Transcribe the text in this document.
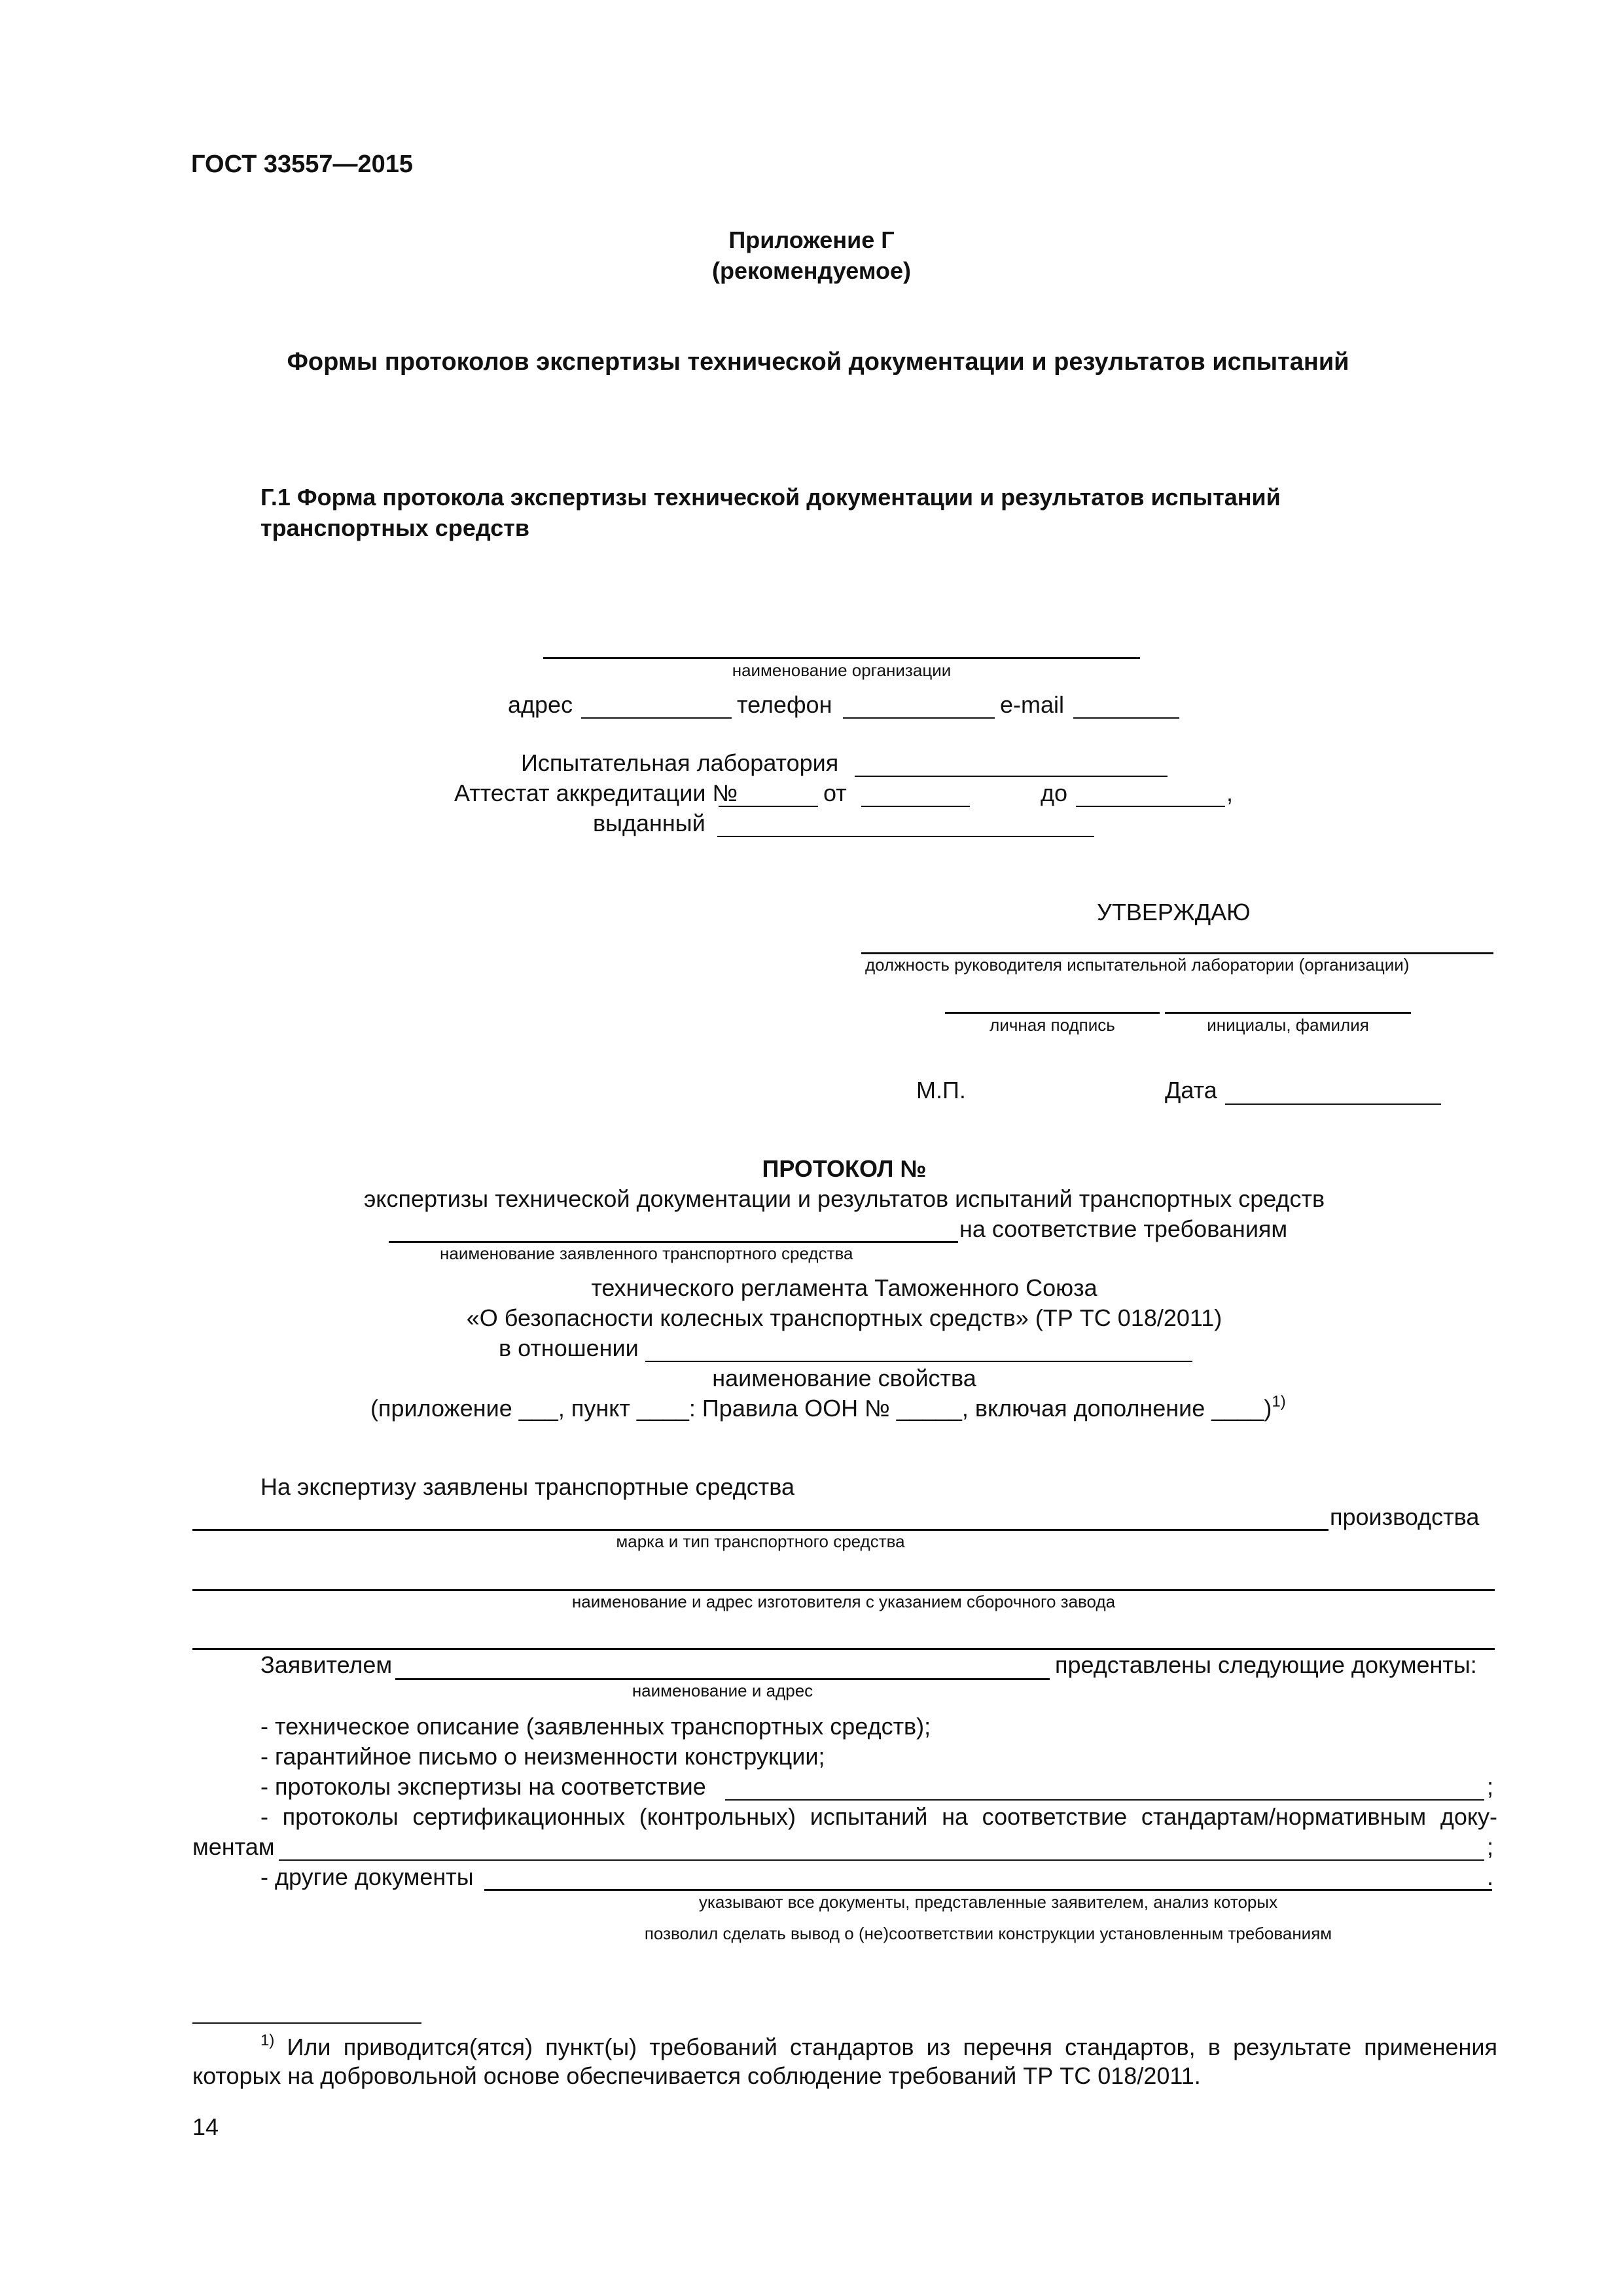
ГОСТ 33557—2015
Приложение Г
(рекомендуемое)
Формы протоколов экспертизы технической документации и результатов испытаний
Г.1 Форма протокола экспертизы технической документации и результатов испытаний
транспортных средств
наименование организации
адрес	телефон	e-mail
Испытательная лаборатория
Аттестат аккредитации №	от	до	,
выданный
УТВЕРЖДАЮ
должность руководителя испытательной лаборатории (организации)
личная подпись	инициалы, фамилия
М.П.	Дата
ПРОТОКОЛ №
экспертизы технической документации и результатов испытаний транспортных средств
на соответствие требованиям
наименование заявленного транспортного средства
технического регламента Таможенного Союза
«О безопасности колесных транспортных средств» (ТР ТС 018/2011)
в отношении
наименование свойства
(приложение ___, пункт ____: Правила ООН № _____, включая дополнение ____)$^{1)}$
На экспертизу заявлены транспортные средства
производства
марка и тип транспортного средства
наименование и адрес изготовителя с указанием сборочного завода
Заявителем	представлены следующие документы:
наименование и адрес
- техническое описание (заявленных транспортных средств);
- гарантийное письмо о неизменности конструкции;
- протоколы экспертизы на соответствие	;
- протоколы сертификационных (контрольных) испытаний на соответствие стандартам/нормативным доку-
ментам	;
- другие документы	.
указывают все документы, представленные заявителем, анализ которых
позволил сделать вывод о (не)соответствии конструкции установленным требованиям
$^{1)}$ Или приводится(ятся) пункт(ы) требований стандартов из перечня стандартов, в результате применения
которых на добровольной основе обеспечивается соблюдение требований ТР ТС 018/2011.
14
